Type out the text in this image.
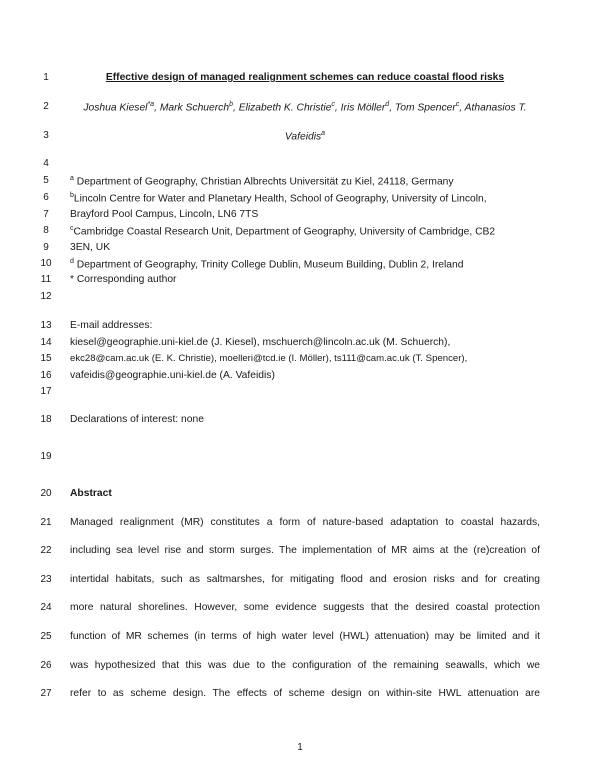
1
2
3
4
5
6
7
8
9
10
11
12
13
14
15
16
17
18
19
20
21
22
23
24
25
26
27
Effective design of managed realignment schemes can reduce coastal flood risks
Joshua Kiesel$^{*a}$, Mark Schuerch$^b$, Elizabeth K. Christie$^c$, Iris Möller$^d$, Tom Spencer$^c$, Athanasios T.
Vafeidis$^a$
$^a$ Department of Geography, Christian Albrechts Universität zu Kiel, 24118, Germany
$^b$Lincoln Centre for Water and Planetary Health, School of Geography, University of Lincoln,
Brayford Pool Campus, Lincoln, LN6 7TS
$^c$Cambridge Coastal Research Unit, Department of Geography, University of Cambridge, CB2
3EN, UK
$^d$ Department of Geography, Trinity College Dublin, Museum Building, Dublin 2, Ireland
* Corresponding author
E-mail addresses:
kiesel@geographie.uni-kiel.de (J. Kiesel), mschuerch@lincoln.ac.uk (M. Schuerch),
ekc28@cam.ac.uk (E. K. Christie), moelleri@tcd.ie (I. Möller), ts111@cam.ac.uk (T. Spencer),
vafeidis@geographie.uni-kiel.de (A. Vafeidis)
Declarations of interest: none
Abstract
Managed realignment (MR) constitutes a form of nature-based adaptation to coastal hazards,
including sea level rise and storm surges. The implementation of MR aims at the (re)creation of
intertidal habitats, such as saltmarshes, for mitigating flood and erosion risks and for creating
more natural shorelines. However, some evidence suggests that the desired coastal protection
function of MR schemes (in terms of high water level (HWL) attenuation) may be limited and it
was hypothesized that this was due to the configuration of the remaining seawalls, which we
refer to as scheme design. The effects of scheme design on within-site HWL attenuation are
1
